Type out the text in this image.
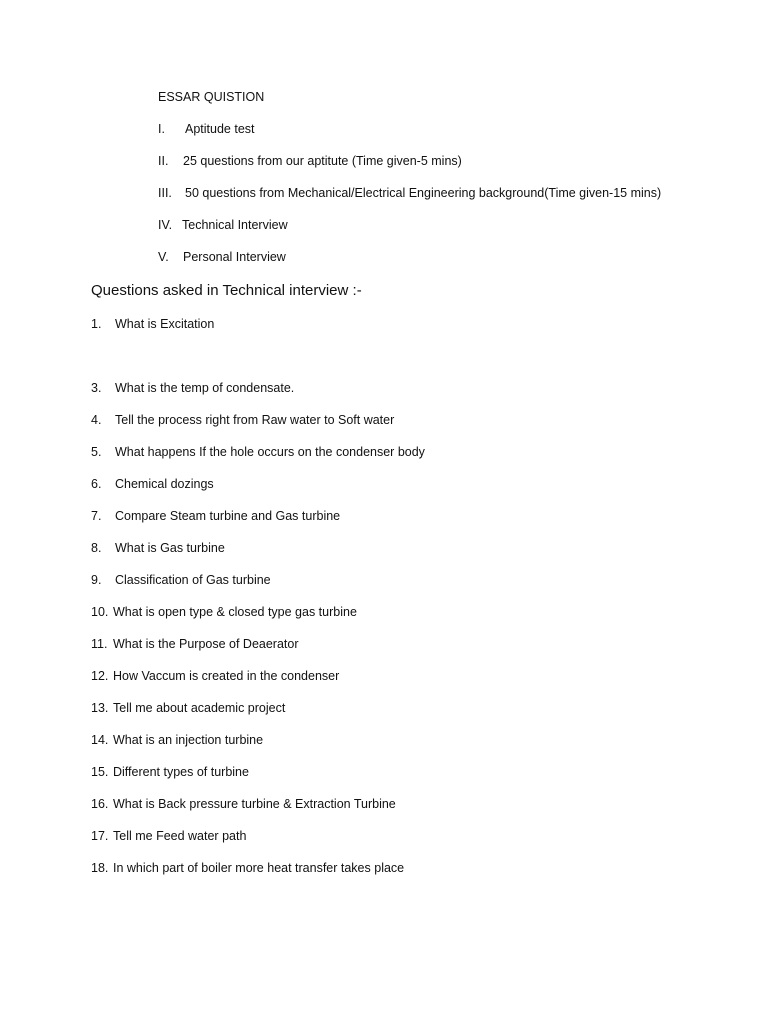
ESSAR QUISTION
I. Aptitude test
II. 25 questions from our aptitute (Time given-5 mins)
III. 50 questions from Mechanical/Electrical Engineering background(Time given-15 mins)
IV. Technical Interview
V. Personal Interview
Questions asked in Technical interview :-
1. What is Excitation
3. What is the temp of condensate.
4. Tell the process right from Raw water to Soft water
5. What happens If the hole occurs on the condenser body
6. Chemical dozings
7. Compare Steam turbine and Gas turbine
8. What is Gas turbine
9. Classification of Gas turbine
10. What is open type & closed type gas turbine
11. What is the Purpose of Deaerator
12. How Vaccum is created in the condenser
13. Tell me about academic project
14. What is an injection turbine
15. Different types of turbine
16. What is Back pressure turbine & Extraction Turbine
17. Tell me Feed water path
18. In which part of boiler more heat transfer takes place
